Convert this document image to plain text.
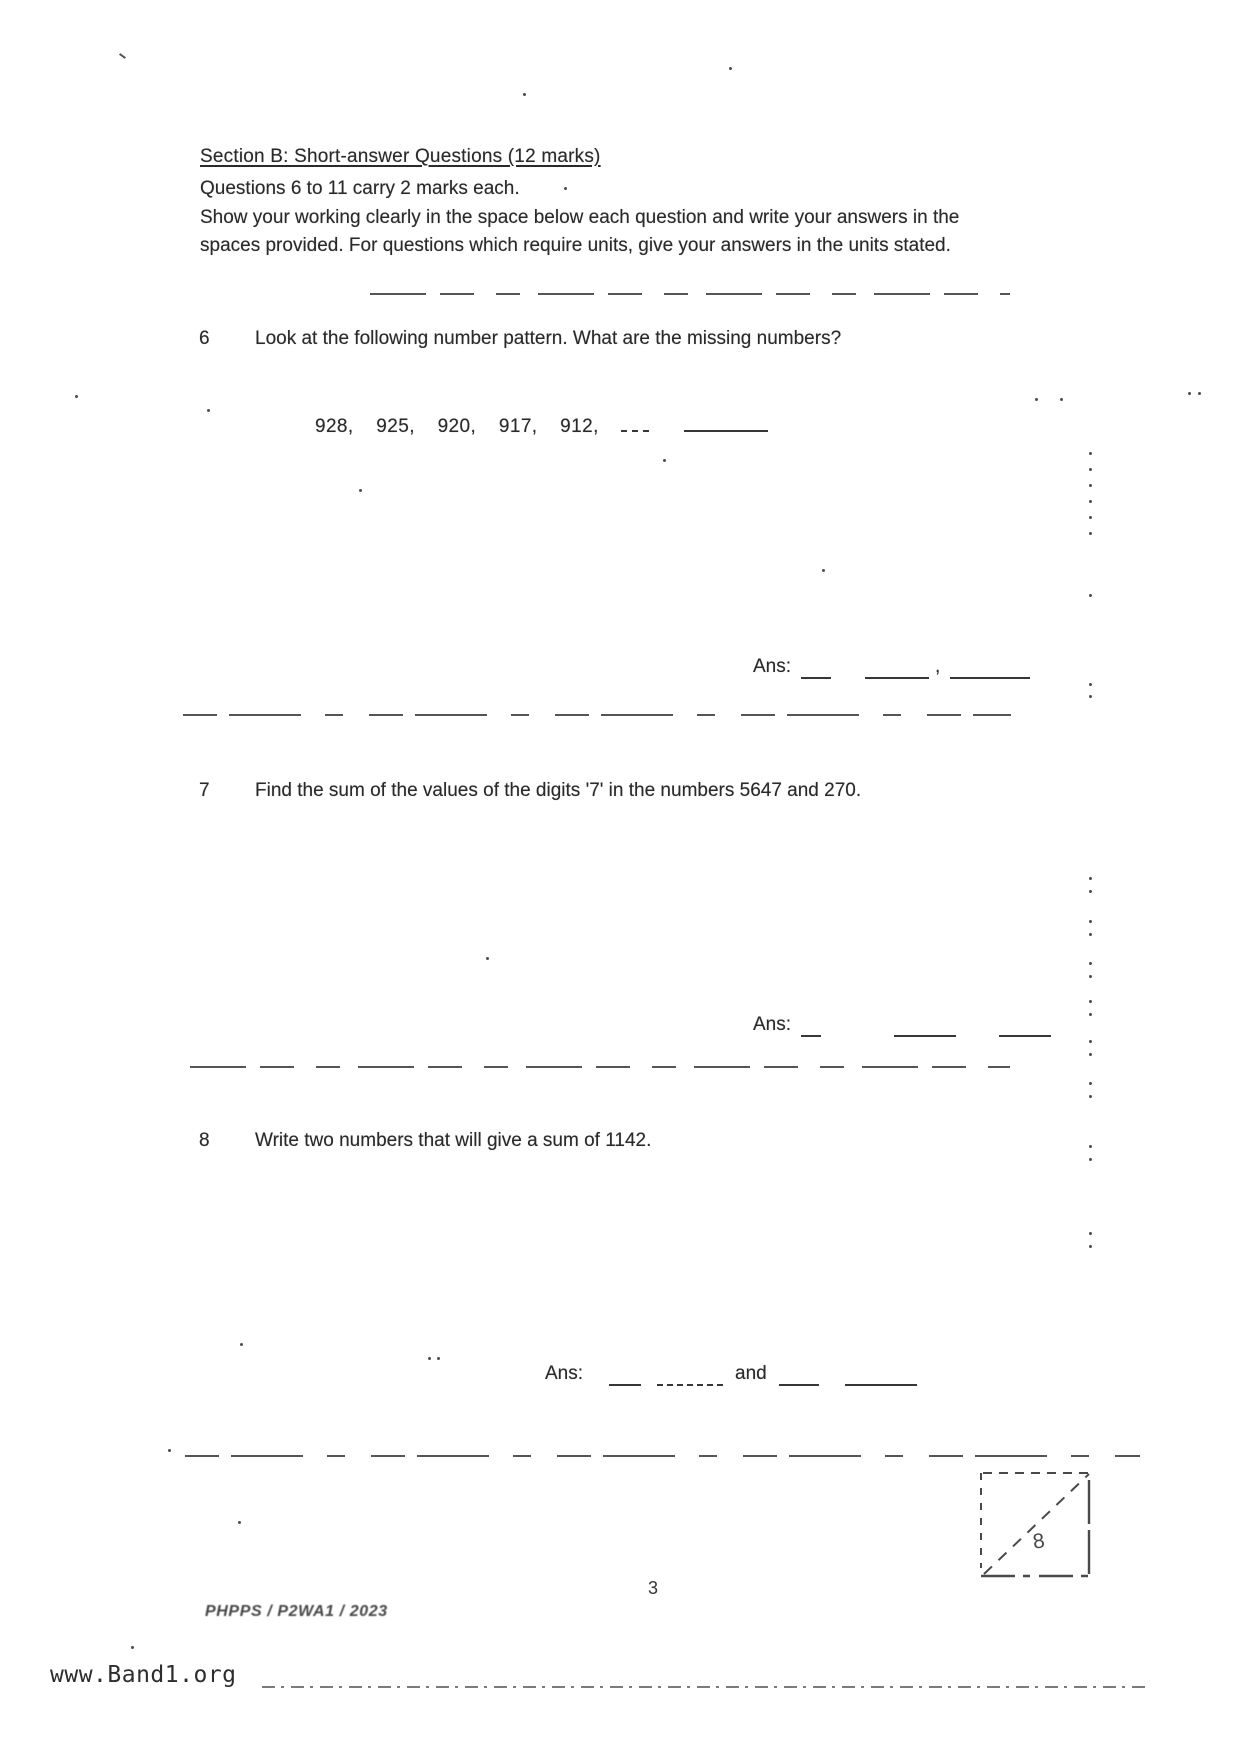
Section B: Short-answer Questions (12 marks)
Questions 6 to 11 carry 2 marks each.
Show your working clearly in the space below each question and write your answers in the
spaces provided. For questions which require units, give your answers in the units stated.
6 Look at the following number pattern. What are the missing numbers?
928,    925,    920,    917,    912,
Ans:	,
7 Find the sum of the values of the digits '7' in the numbers 5647 and 270.
Ans:
8 Write two numbers that will give a sum of 1142.
Ans:	and
8
3
PHPPS / P2WA1 / 2023
www.Band1.org
